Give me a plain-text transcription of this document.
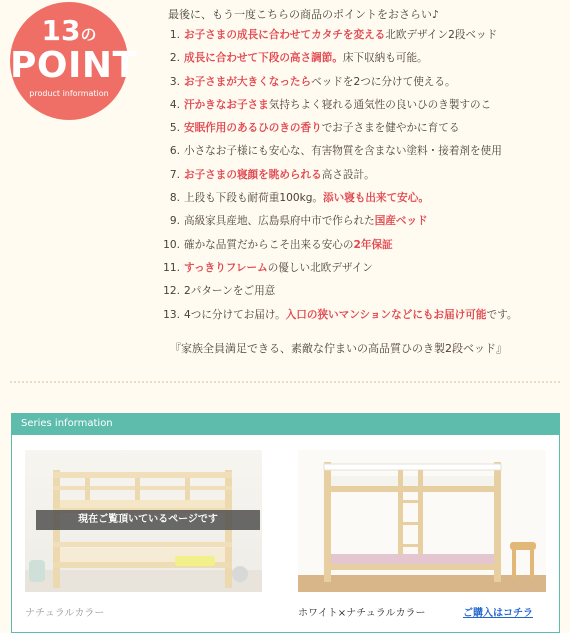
13の
POINT
product information
最後に、もう一度こちらの商品のポイントをおさらい♪
1. お子さまの成長に合わせてカタチを変える北欧デザイン2段ベッド
2. 成長に合わせて下段の高さ調節。床下収納も可能。
3. お子さまが大きくなったらベッドを2つに分けて使える。
4. 汗かきなお子さま気持ちよく寝れる通気性の良いひのき製すのこ
5. 安眠作用のあるひのきの香りでお子さまを健やかに育てる
6. 小さなお子様にも安心な、有害物質を含まない塗料・接着剤を使用
7. お子さまの寝顔を眺められる高さ設計。
8. 上段も下段も耐荷重100kg。添い寝も出来て安心。
9. 高級家具産地、広島県府中市で作られた国産ベッド
10. 確かな品質だからこそ出来る安心の2年保証
11. すっきりフレームの優しい北欧デザイン
12. 2パターンをご用意
13. 4つに分けてお届け。入口の狭いマンションなどにもお届け可能です。
『家族全員満足できる、素敵な佇まいの高品質ひのき製2段ベッド』
Series information
現在ご覧頂いているページです
ナチュラルカラー	ホワイト×ナチュラルカラー	ご購入はコチラ
